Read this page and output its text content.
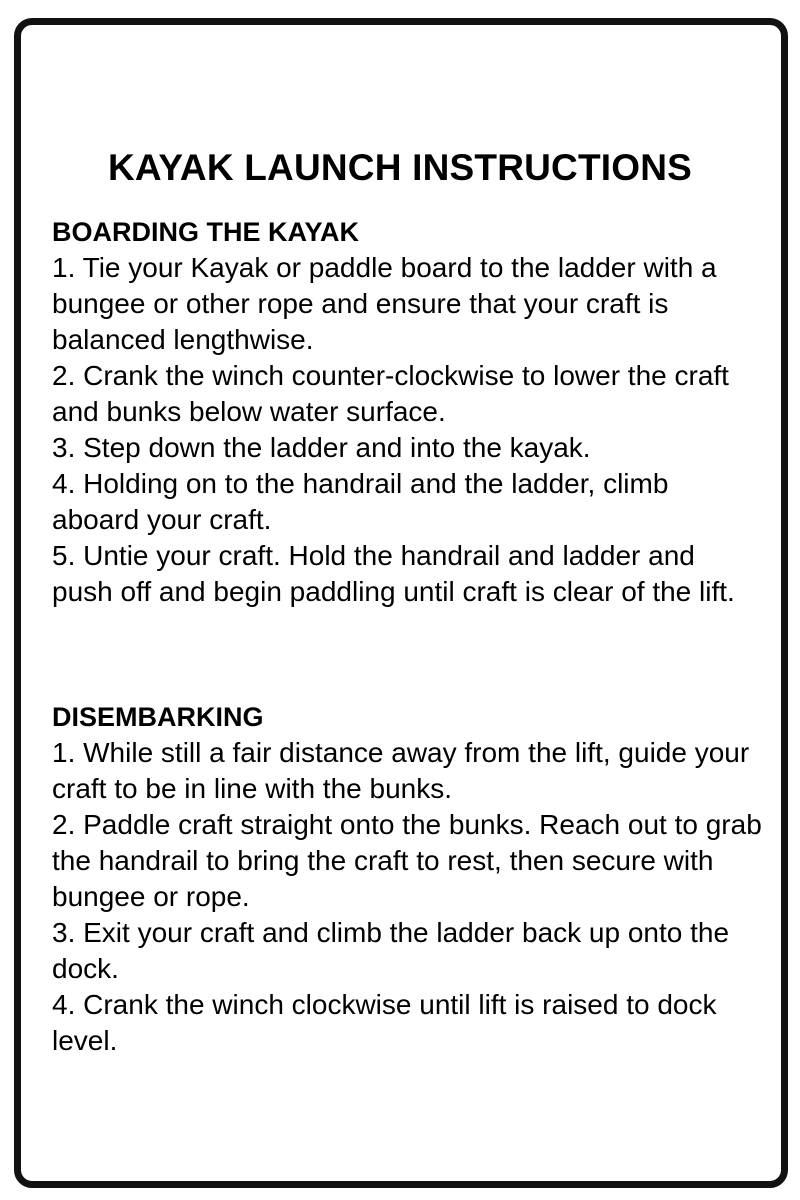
KAYAK LAUNCH INSTRUCTIONS
BOARDING THE KAYAK
1. Tie your Kayak or paddle board to the ladder with a bungee or other rope and ensure that your craft is balanced lengthwise.
2. Crank the winch counter-clockwise to lower the craft and bunks below water surface.
3. Step down the ladder and into the kayak.
4. Holding on to the handrail and the ladder, climb aboard your craft.
5. Untie your craft. Hold the handrail and ladder and push off and begin paddling until craft is clear of the lift.
DISEMBARKING
1. While still a fair distance away from the lift, guide your craft to be in line with the bunks.
2. Paddle craft straight onto the bunks. Reach out to grab the handrail to bring the craft to rest, then secure with bungee or rope.
3. Exit your craft and climb the ladder back up onto the dock.
4. Crank the winch clockwise until lift is raised to dock level.
